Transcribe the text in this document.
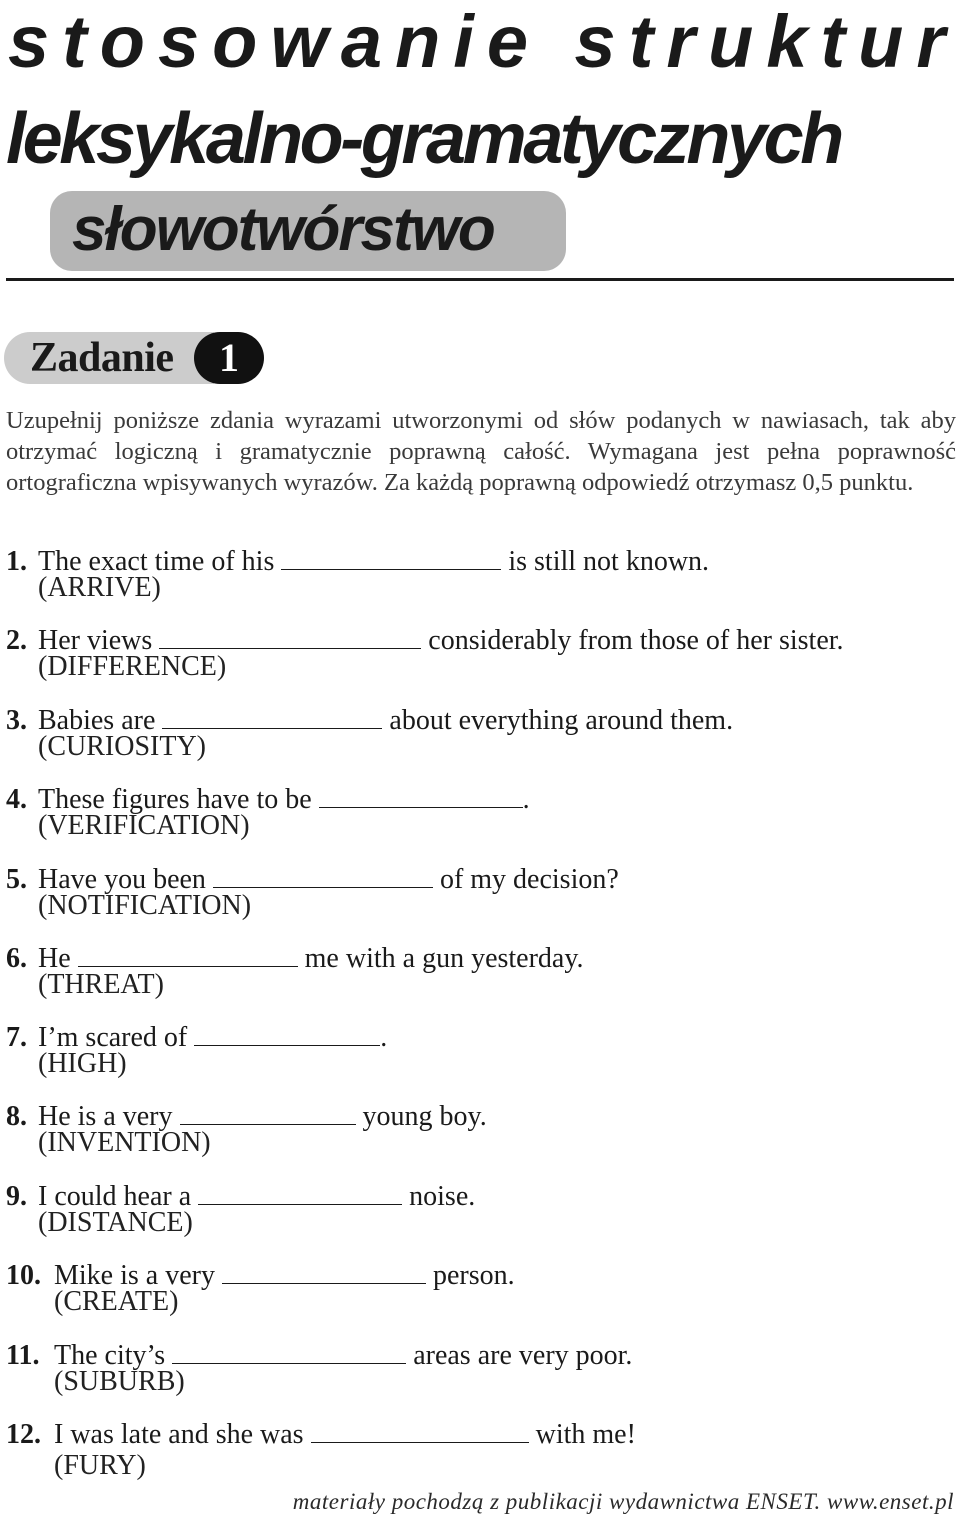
stosowanie struktur
leksykalno-gramatycznych
słowotwórstwo
Zadanie	1
Uzupełnij poniższe zdania wyrazami utworzonymi od słów podanych w nawiasach, tak aby otrzymać logiczną i gramatycznie poprawną całość. Wymagana jest pełna poprawność ortograficzna wpisywanych wyrazów. Za każdą poprawną odpowiedź otrzymasz 0,5 punktu.
1. The exact time of his	is still not known.
(ARRIVE)
2. Her views	considerably from those of her sister.
(DIFFERENCE)
3. Babies are	about everything around them.
(CURIOSITY)
4. These figures have to be	.
(VERIFICATION)
5. Have you been	of my decision?
(NOTIFICATION)
6. He	me with a gun yesterday.
(THREAT)
7. I’m scared of	.
(HIGH)
8. He is a very	young boy.
(INVENTION)
9. I could hear a	noise.
(DISTANCE)
10. Mike is a very	person.
(CREATE)
11. The city’s	areas are very poor.
(SUBURB)
12. I was late and she was	with me!
(FURY)
materiały pochodzą z publikacji wydawnictwa ENSET. www.enset.pl
